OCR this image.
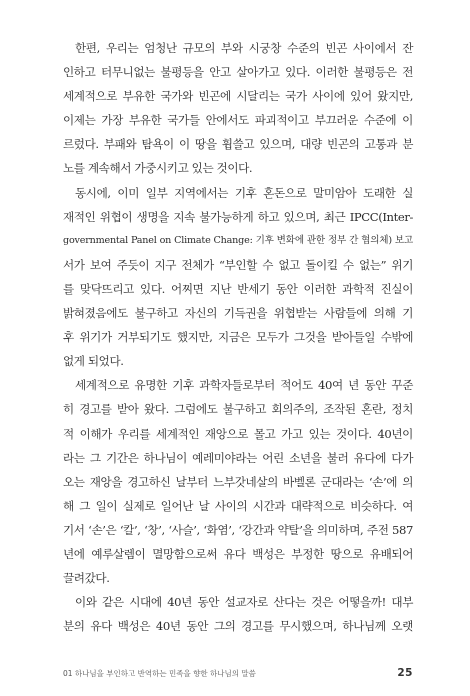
한편, 우리는 엄청난 규모의 부와 시궁창 수준의 빈곤 사이에서 잔
인하고 터무니없는 불평등을 안고 살아가고 있다. 이러한 불평등은 전
세계적으로 부유한 국가와 빈곤에 시달리는 국가 사이에 있어 왔지만,
이제는 가장 부유한 국가들 안에서도 파괴적이고 부끄러운 수준에 이
르렀다. 부패와 탐욕이 이 땅을 휩쓸고 있으며, 대량 빈곤의 고통과 분
노를 계속해서 가중시키고 있는 것이다.
동시에, 이미 일부 지역에서는 기후 혼돈으로 말미암아 도래한 실
재적인 위협이 생명을 지속 불가능하게 하고 있으며, 최근 IPCC(Inter-
governmental Panel on Climate Change: 기후 변화에 관한 정부 간 협의체) 보고
서가 보여 주듯이 지구 전체가 “부인할 수 없고 돌이킬 수 없는” 위기
를 맞닥뜨리고 있다. 어찌면 지난 반세기 동안 이러한 과학적 진실이
밝혀졌음에도 불구하고 자신의 기득권을 위협받는 사람들에 의해 기
후 위기가 거부되기도 했지만, 지금은 모두가 그것을 받아들일 수밖에
없게 되었다.
세계적으로 유명한 기후 과학자들로부터 적어도 40여 년 동안 꾸준
히 경고를 받아 왔다. 그럼에도 불구하고 회의주의, 조작된 혼란, 정치
적 이해가 우리를 세계적인 재앙으로 몰고 가고 있는 것이다. 40년이
라는 그 기간은 하나님이 예레미야라는 어린 소년을 불러 유다에 다가
오는 재앙을 경고하신 날부터 느부갓네살의 바벨론 군대라는 ‘손’에 의
해 그 일이 실제로 일어난 날 사이의 시간과 대략적으로 비슷하다. 여
기서 ‘손’은 ‘칼’, ‘창’, ‘사슬’, ‘화염’, ‘강간과 약탈’을 의미하며, 주전 587
년에 예루살렘이 멸망함으로써 유다 백성은 부정한 땅으로 유배되어
끌려갔다.
이와 같은 시대에 40년 동안 설교자로 산다는 것은 어떻을까! 대부
분의 유다 백성은 40년 동안 그의 경고를 무시했으며, 하나님께 오랫
01 하나님을 부인하고 반역하는 민족을 향한 하나님의 말씀	25
